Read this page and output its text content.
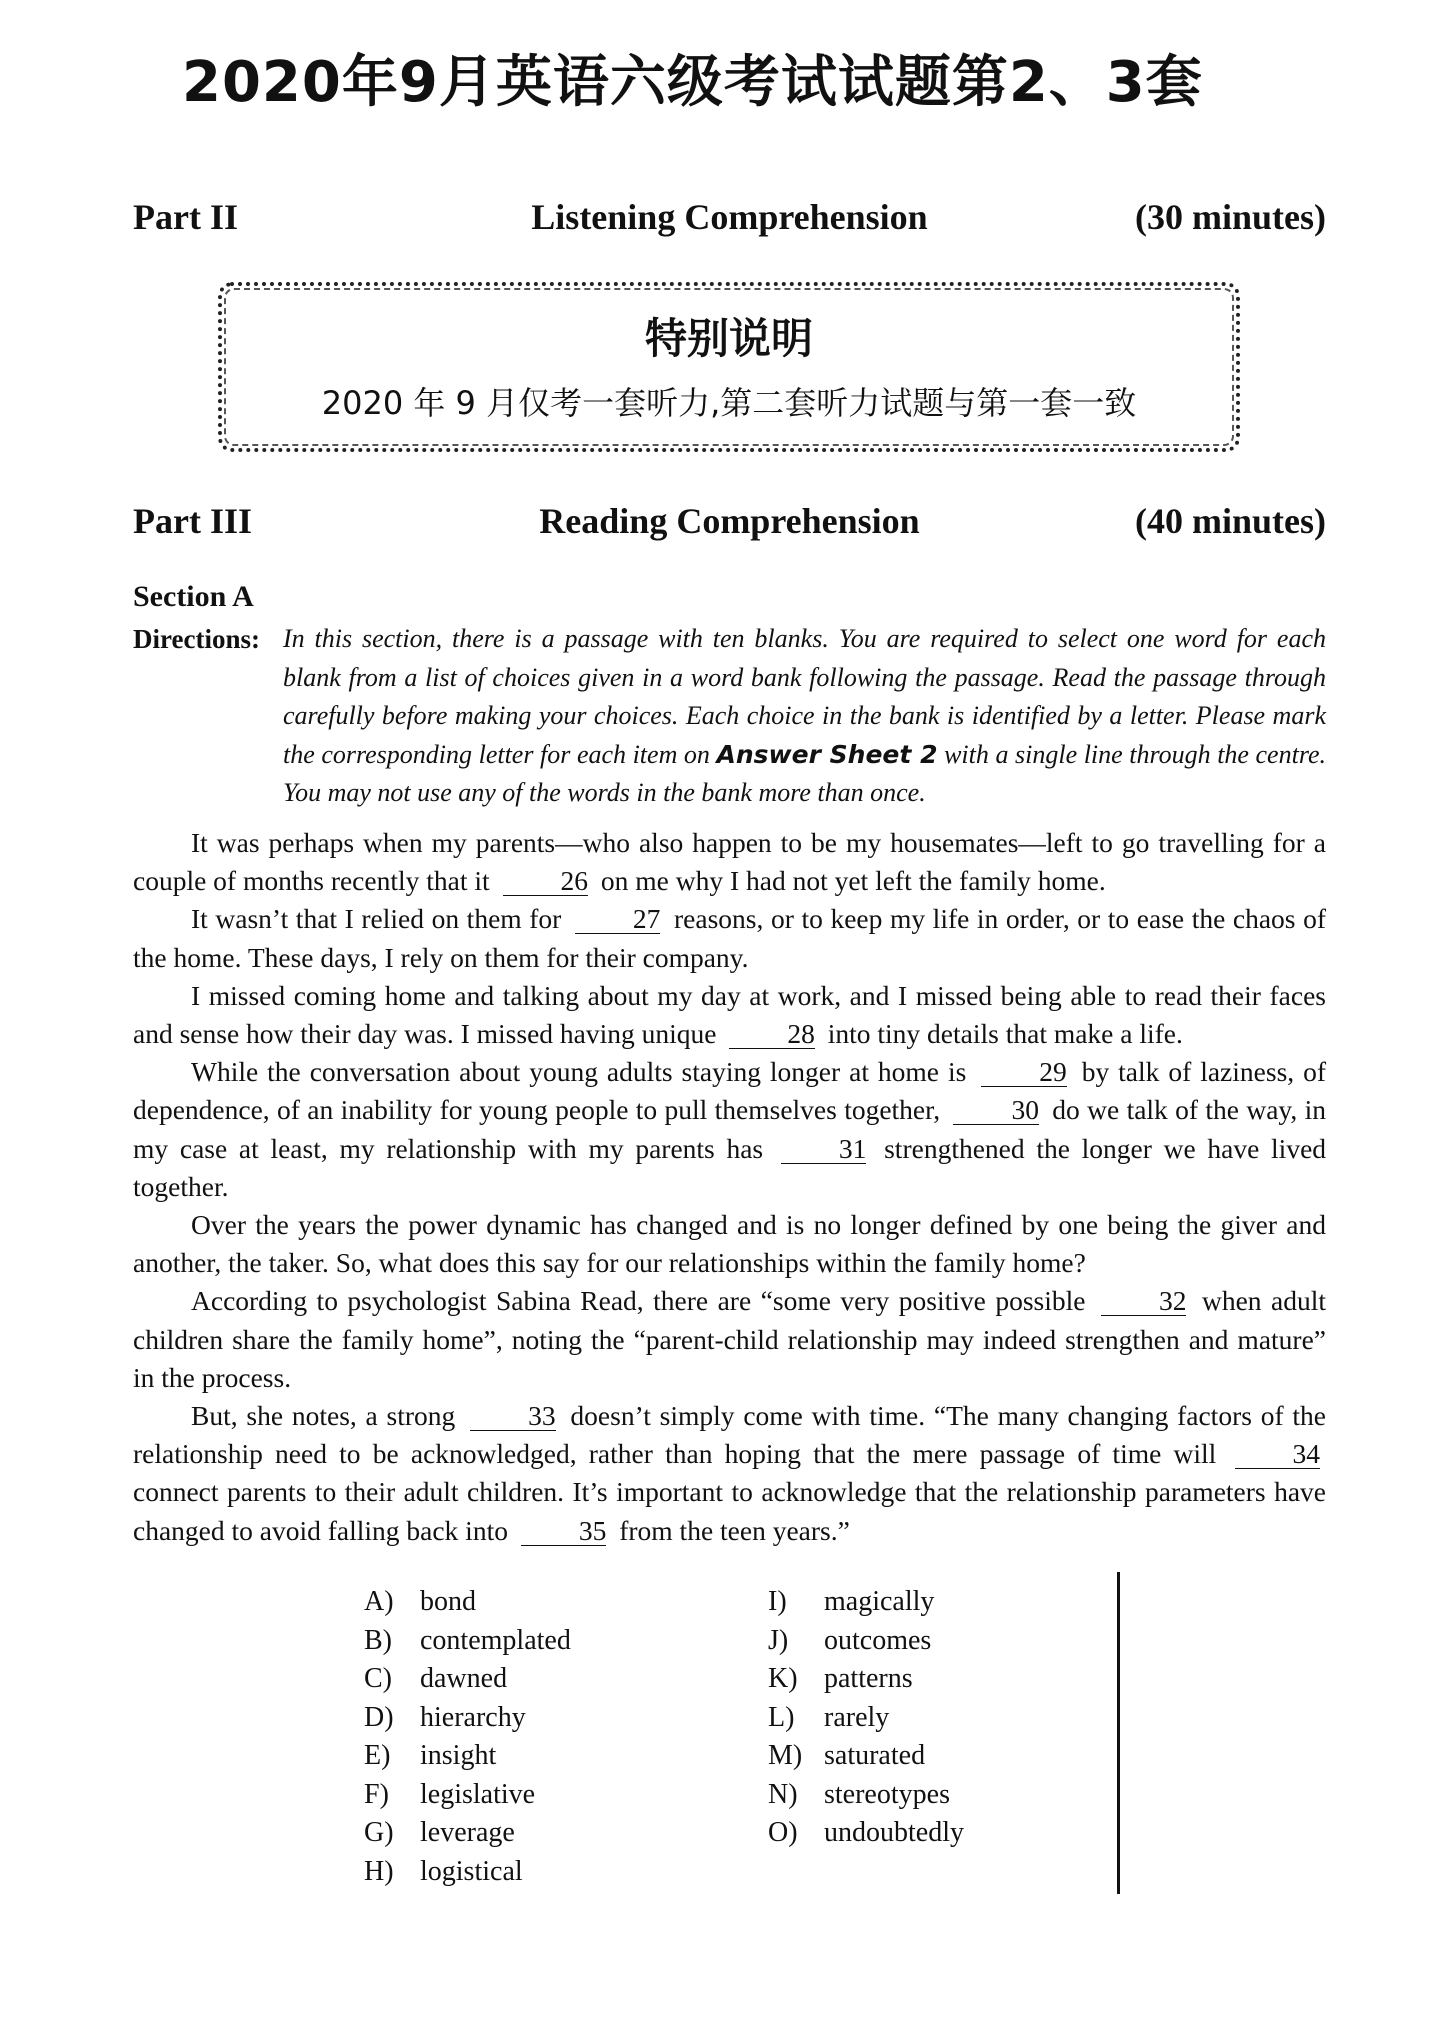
2020年9月英语六级考试试题第2、3套
Part II	Listening Comprehension	(30 minutes)
特别说明
2020 年 9 月仅考一套听力,第二套听力试题与第一套一致
Part III	Reading Comprehension	(40 minutes)
Section A
Directions: In this section, there is a passage with ten blanks. You are required to select one word for each blank from a list of choices given in a word bank following the passage. Read the passage through carefully before making your choices. Each choice in the bank is identified by a letter. Please mark the corresponding letter for each item on Answer Sheet 2 with a single line through the centre. You may not use any of the words in the bank more than once.

It was perhaps when my parents—who also happen to be my housemates—left to go travelling for a couple of months recently that it	26 on me why I had not yet left the family home.

It wasn’t that I relied on them for	27 reasons, or to keep my life in order, or to ease the chaos of the home. These days, I rely on them for their company.

I missed coming home and talking about my day at work, and I missed being able to read their faces and sense how their day was. I missed having unique	28 into tiny details that make a life.

While the conversation about young adults staying longer at home is	29 by talk of laziness, of dependence, of an inability for young people to pull themselves together,	30 do we talk of the way, in my case at least, my relationship with my parents has	31 strengthened the longer we have lived together.

Over the years the power dynamic has changed and is no longer defined by one being the giver and another, the taker. So, what does this say for our relationships within the family home?

According to psychologist Sabina Read, there are “some very positive possible	32 when adult children share the family home”, noting the “parent-child relationship may indeed strengthen and mature” in the process.

But, she notes, a strong	33 doesn’t simply come with time. “The many changing factors of the relationship need to be acknowledged, rather than hoping that the mere passage of time will	34 connect parents to their adult children. It’s important to acknowledge that the relationship parameters have changed to avoid falling back into	35 from the teen years.”

A) bond
B) contemplated
C) dawned
D) hierarchy
E) insight
F) legislative
G) leverage
H) logistical
I) magically
J) outcomes
K) patterns
L) rarely
M) saturated
N) stereotypes
O) undoubtedly
